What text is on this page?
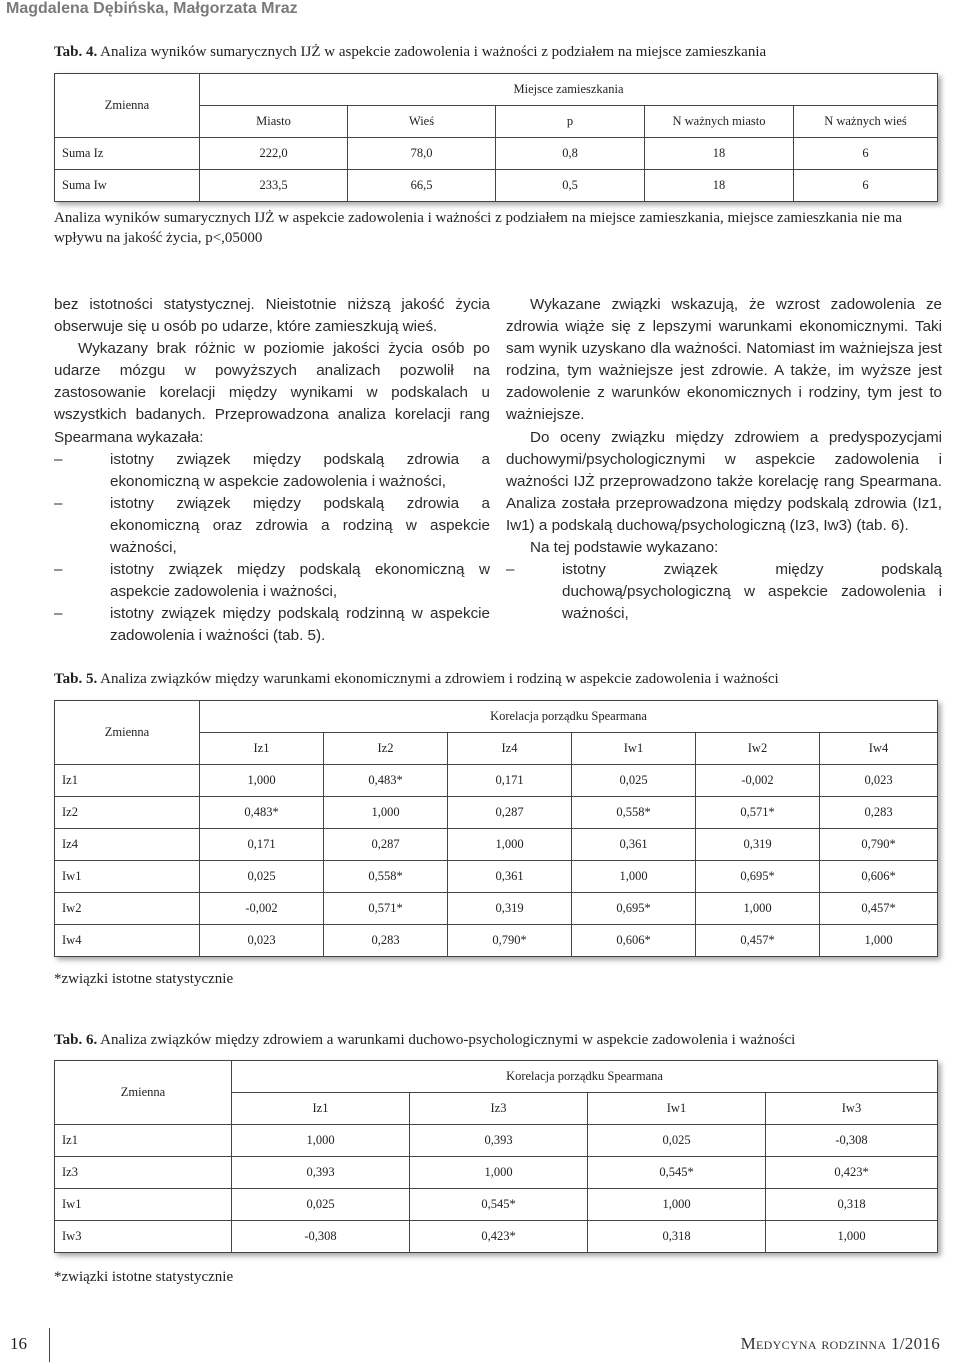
Magdalena Dębińska, Małgorzata Mraz
Tab. 4. Analiza wyników sumarycznych IJŻ w aspekcie zadowolenia i ważności z podziałem na miejsce zamieszkania
Zmienna	Miejsce zamieszkania				
	Miasto	Wieś	p	N ważnych miasto	N ważnych wieś
Suma Iz	222,0	78,0	0,8	18	6
Suma Iw	233,5	66,5	0,5	18	6
Analiza wyników sumarycznych IJŻ w aspekcie zadowolenia i ważności z podziałem na miejsce zamieszkania, miejsce zamieszkania nie ma wpływu na jakość życia, p<,05000

bez istotności statystycznej. Nieistotnie niższą jakość życia obserwuje się u osób po udarze, które zamieszkują wieś.

Wykazany brak różnic w poziomie jakości życia osób po udarze mózgu w powyższych analizach pozwolił na zastosowanie korelacji między wynikami w podskalach u wszystkich badanych. Przeprowadzona analiza korelacji rang Spearmana wykazała:

–	istotny związek między podskalą zdrowia a ekonomiczną w aspekcie zadowolenia i ważności,
–	istotny związek między podskalą zdrowia a ekonomiczną oraz zdrowia a rodziną w aspekcie ważności,
–	istotny związek między podskalą ekonomiczną w aspekcie zadowolenia i ważności,
–	istotny związek między podskalą rodzinną w aspekcie zadowolenia i ważności (tab. 5).

Wykazane związki wskazują, że wzrost zadowolenia ze zdrowia wiąże się z lepszymi warunkami ekonomicznymi. Taki sam wynik uzyskano dla ważności. Natomiast im ważniejsza jest rodzina, tym ważniejsze jest zdrowie. A także, im wyższe jest zadowolenie z warunków ekonomicznych i rodziny, tym jest to ważniejsze.

Do oceny związku między zdrowiem a predyspozycjami duchowymi/psychologicznymi w aspekcie zadowolenia i ważności IJŻ przeprowadzono także korelację rang Spearmana. Analiza została przeprowadzona między podskalą zdrowia (Iz1, Iw1) a podskalą duchową/psychologiczną (Iz3, Iw3) (tab. 6).

Na tej podstawie wykazano:

–	istotny związek między podskalą duchową/psychologiczną w aspekcie zadowolenia i ważności,
Tab. 5. Analiza związków między warunkami ekonomicznymi a zdrowiem i rodziną w aspekcie zadowolenia i ważności
Zmienna	Korelacja porządku Spearmana					
	Iz1	Iz2	Iz4	Iw1	Iw2	Iw4
Iz1	1,000	0,483*	0,171	0,025	-0,002	0,023
Iz2	0,483*	1,000	0,287	0,558*	0,571*	0,283
Iz4	0,171	0,287	1,000	0,361	0,319	0,790*
Iw1	0,025	0,558*	0,361	1,000	0,695*	0,606*
Iw2	-0,002	0,571*	0,319	0,695*	1,000	0,457*
Iw4	0,023	0,283	0,790*	0,606*	0,457*	1,000
*związki istotne statystycznie
Tab. 6. Analiza związków między zdrowiem a warunkami duchowo-psychologicznymi w aspekcie zadowolenia i ważności
Zmienna	Korelacja porządku Spearmana			
	Iz1	Iz3	Iw1	Iw3
Iz1	1,000	0,393	0,025	-0,308
Iz3	0,393	1,000	0,545*	0,423*
Iw1	0,025	0,545*	1,000	0,318
Iw3	-0,308	0,423*	0,318	1,000
*związki istotne statystycznie
16	Medycyna rodzinna 1/2016
